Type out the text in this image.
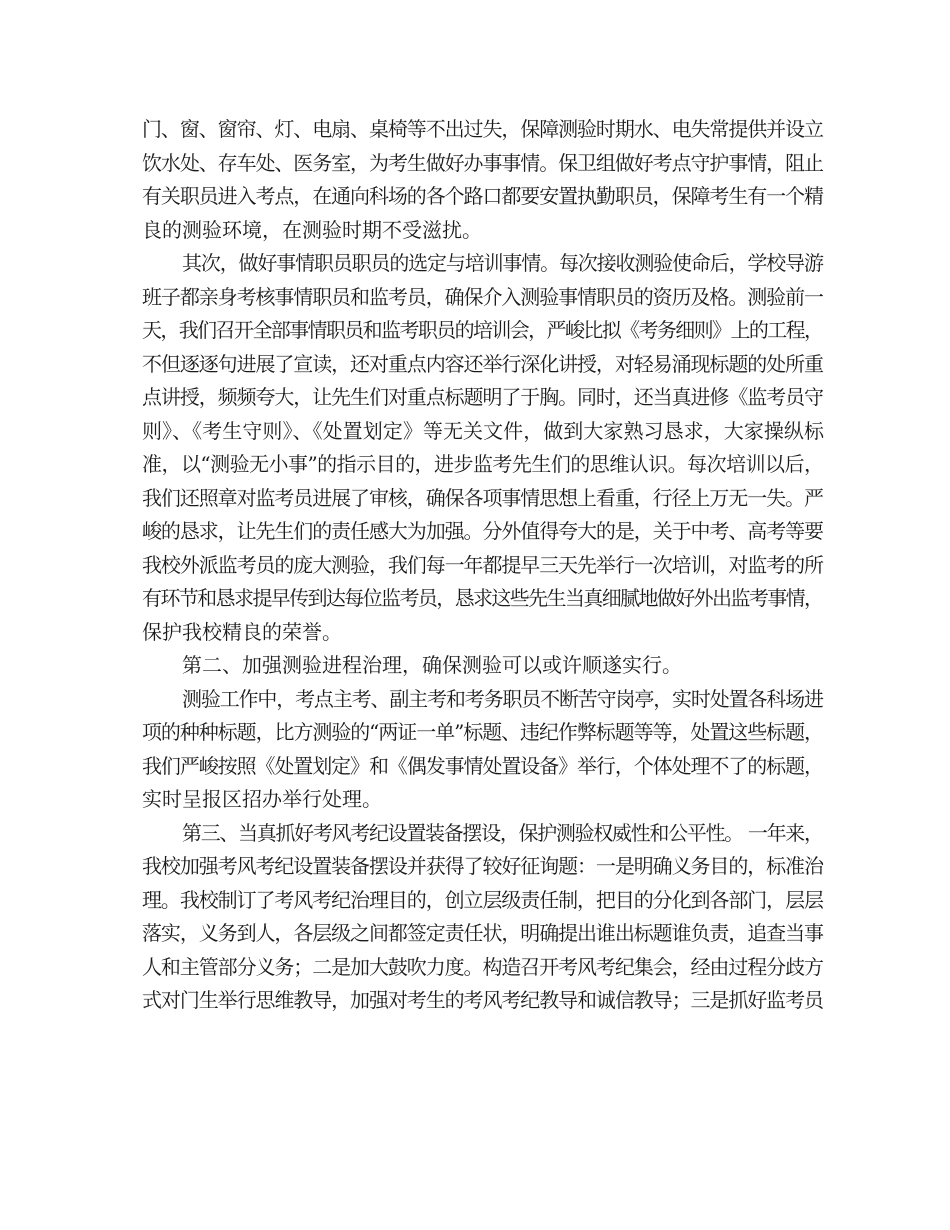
门、窗、窗帘、灯、电扇、桌椅等不出过失，保障测验时期水、电失常提供并设立
饮水处、存车处、医务室，为考生做好办事事情。保卫组做好考点守护事情，阻止
有关职员进入考点，在通向科场的各个路口都要安置执勤职员，保障考生有一个精
良的测验环境，在测验时期不受滋扰。
其次，做好事情职员职员的选定与培训事情。每次接收测验使命后，学校导游
班子都亲身考核事情职员和监考员，确保介入测验事情职员的资历及格。测验前一
天，我们召开全部事情职员和监考职员的培训会，严峻比拟《考务细则》上的工程，
不但逐逐句进展了宣读，还对重点内容还举行深化讲授，对轻易涌现标题的处所重
点讲授，频频夸大，让先生们对重点标题明了于胸。同时，还当真进修《监考员守
则》、《考生守则》、《处置划定》等无关文件，做到大家熟习恳求，大家操纵标
准，以“测验无小事”的指示目的，进步监考先生们的思维认识。每次培训以后，
我们还照章对监考员进展了审核，确保各项事情思想上看重，行径上万无一失。严
峻的恳求，让先生们的责任感大为加强。分外值得夸大的是，关于中考、高考等要
我校外派监考员的庞大测验，我们每一年都提早三天先举行一次培训，对监考的所
有环节和恳求提早传到达每位监考员，恳求这些先生当真细腻地做好外出监考事情，
保护我校精良的荣誉。
第二、加强测验进程治理，确保测验可以或许顺遂实行。
测验工作中，考点主考、副主考和考务职员不断苦守岗亭，实时处置各科场进
项的种种标题，比方测验的“两证一单”标题、违纪作弊标题等等，处置这些标题，
我们严峻按照《处置划定》和《偶发事情处置设备》举行，个体处理不了的标题，
实时呈报区招办举行处理。
第三、当真抓好考风考纪设置装备摆设，保护测验权威性和公平性。 一年来，
我校加强考风考纪设置装备摆设并获得了较好征询题：一是明确义务目的，标准治
理。我校制订了考风考纪治理目的，创立层级责任制，把目的分化到各部门，层层
落实，义务到人，各层级之间都签定责任状，明确提出谁出标题谁负责，追查当事
人和主管部分义务；二是加大鼓吹力度。构造召开考风考纪集会，经由过程分歧方
式对门生举行思维教导，加强对考生的考风考纪教导和诚信教导；三是抓好监考员
